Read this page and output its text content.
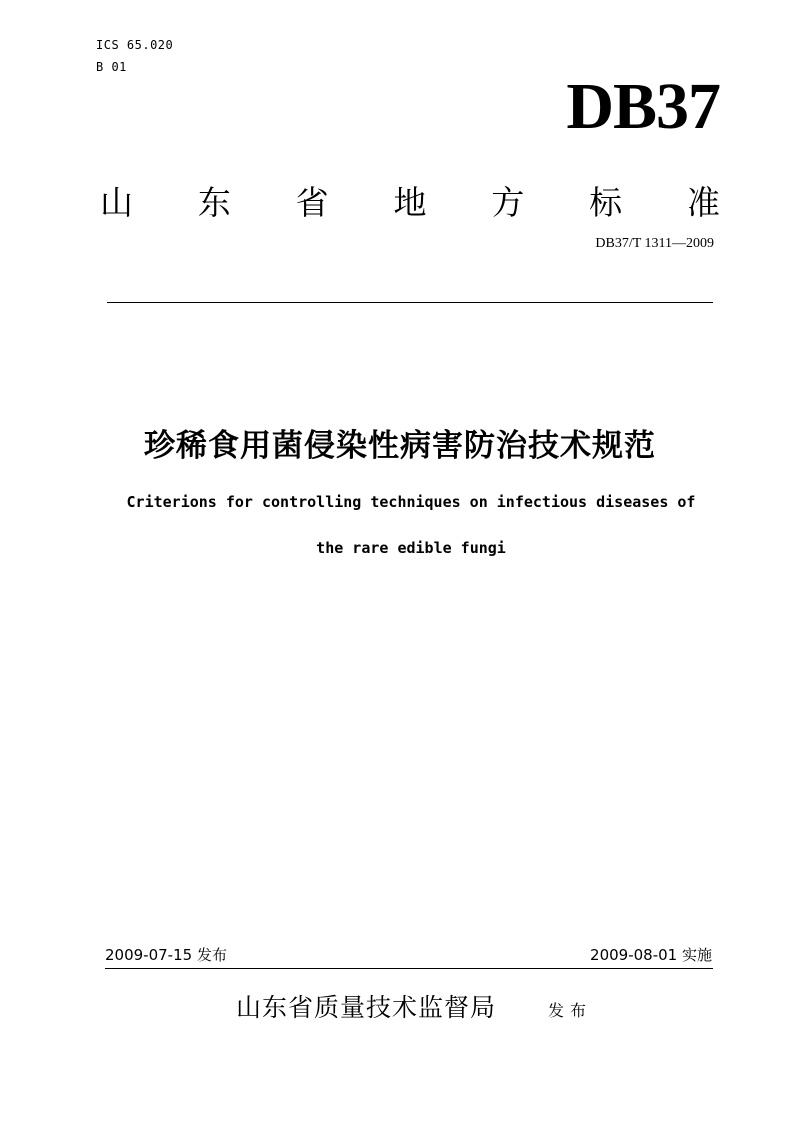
ICS 65.020
B 01
DB37
山 东 省 地 方 标 准
DB37/T 1311—2009
珍稀食用菌侵染性病害防治技术规范
Criterions for controlling techniques on infectious diseases of
the rare edible fungi
2009-07-15 发布	2009-08-01 实施
山东省质量技术监督局	发布
